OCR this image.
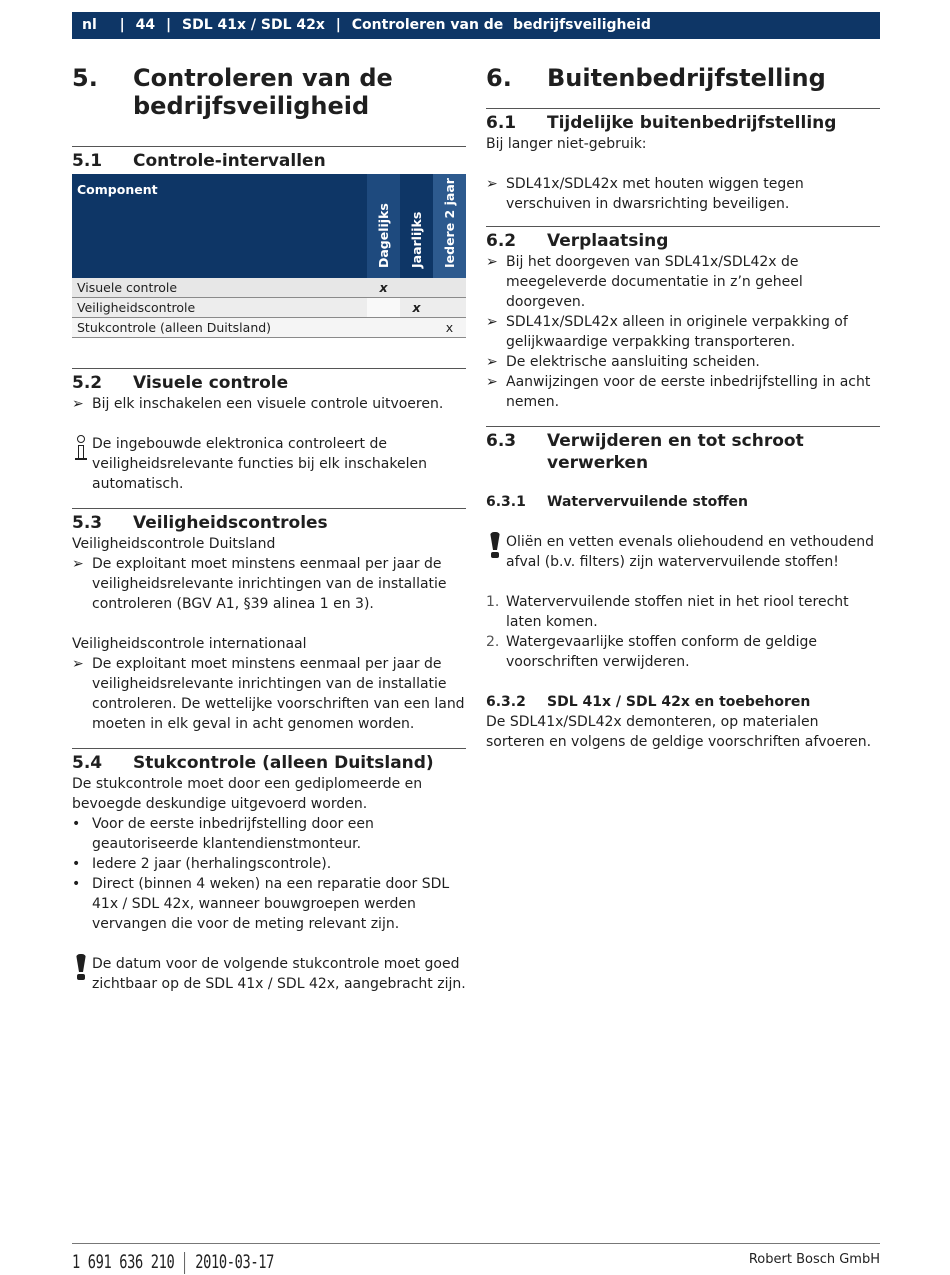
nl | 44 | SDL 41x / SDL 42x | Controleren van de  bedrijfsveiligheid
5.	Controleren van de bedrijfsveiligheid
5.1	Controle-intervallen
Component	Dagelijks	Jaarlijks	Iedere 2 jaar

Visuele controle	x		
Veiligheidscontrole		x	
Stukcontrole (alleen Duitsland)			x
5.2	Visuele controle
➢ Bij elk inschakelen een visuele controle uitvoeren.
De ingebouwde elektronica controleert de veiligheidsrelevante functies bij elk inschakelen automatisch.
5.3	Veiligheidscontroles

Veiligheidscontrole Duitsland

➢ De exploitant moet minstens eenmaal per jaar de veiligheidsrelevante inrichtingen van de installatie controleren (BGV A1, §39 alinea 1 en 3).

Veiligheidscontrole internationaal

➢ De exploitant moet minstens eenmaal per jaar de veiligheidsrelevante inrichtingen van de installatie controleren. De wettelijke voorschriften van een land moeten in elk geval in acht genomen worden.
5.4	Stukcontrole (alleen Duitsland)

De stukcontrole moet door een gediplomeerde en bevoegde deskundige uitgevoerd worden.

• Voor de eerste inbedrijfstelling door een geautoriseerde klantendienstmonteur.
• Iedere 2 jaar (herhalingscontrole).
• Direct (binnen 4 weken) na een reparatie door SDL 41x / SDL 42x, wanneer bouwgroepen werden vervangen die voor de meting relevant zijn.
De datum voor de volgende stukcontrole moet goed zichtbaar op de SDL 41x / SDL 42x, aangebracht zijn.
6.	Buitenbedrijfstelling
6.1	Tijdelijke buitenbedrijfstelling

Bij langer niet-gebruik:

➢ SDL41x/SDL42x met houten wiggen tegen verschuiven in dwarsrichting beveiligen.
6.2	Verplaatsing
➢ Bij het doorgeven van SDL41x/SDL42x de meegeleverde documentatie in z’n geheel doorgeven.
➢ SDL41x/SDL42x alleen in originele verpakking of gelijkwaardige verpakking transporteren.
➢ De elektrische aansluiting scheiden.
➢ Aanwijzingen voor de eerste inbedrijfstelling in acht nemen.
6.3	Verwijderen en tot schroot verwerken
6.3.1	Watervervuilende stoffen
Oliën en vetten evenals oliehoudend en vethoudend afval (b.v. filters) zijn watervervuilende stoffen!
1. Watervervuilende stoffen niet in het riool terecht laten komen.
2. Watergevaarlijke stoffen conform de geldige voorschriften verwijderen.
6.3.2	SDL 41x / SDL 42x en toebehoren

De SDL41x/SDL42x demonteren, op materialen sorteren en volgens de geldige voorschriften afvoeren.

1 691 636 210 2010-03-17	Robert Bosch GmbH
